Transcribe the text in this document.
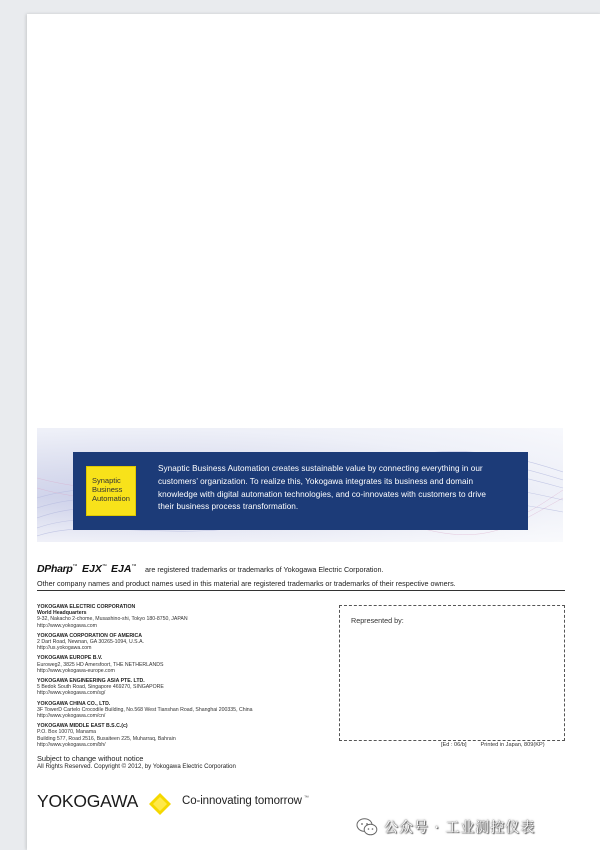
Synaptic
Business
Automation
Synaptic Business Automation creates sustainable value by connecting everything in our
customers’ organization. To realize this, Yokogawa integrates its business and domain
knowledge with digital automation technologies, and co-innovates with customers to drive
their business process transformation.
DPharp™ EJX™ EJA™ are registered trademarks or trademarks of Yokogawa Electric Corporation.
Other company names and product names used in this material are registered trademarks or trademarks of their respective owners.
YOKOGAWA ELECTRIC CORPORATION
World Headquarters
9-32, Nakacho 2-chome, Musashino-shi, Tokyo 180-8750, JAPAN
http://www.yokogawa.com
YOKOGAWA CORPORATION OF AMERICA
2 Dart Road, Newnan, GA 30265-1094, U.S.A.
http://us.yokogawa.com
YOKOGAWA EUROPE B.V.
Euroweg2, 3825 HD Amersfoort, THE NETHERLANDS
http://www.yokogawa-europe.com
YOKOGAWA ENGINEERING ASIA PTE. LTD.
5 Bedok South Road, Singapore 469270, SINGAPORE
http://www.yokogawa.com/sg/
YOKOGAWA CHINA CO., LTD.
3F TowerD Cartelo Crocodile Building, No.568 West Tianshan Road, Shanghai 200335, China
http://www.yokogawa.com/cn/
YOKOGAWA MIDDLE EAST B.S.C.(c)
P.O. Box 10070, Manama
Building 577, Road 2516, Busaiteen 225, Muharraq, Bahrain
http://www.yokogawa.com/bh/
Represented by:
[Ed : 06/b]	Printed in Japan, 809(KP)
Subject to change without notice
All Rights Reserved. Copyright © 2012, by Yokogawa Electric Corporation
YOKOGAWA	Co-innovating tomorrow ™
公众号 · 工业测控仪表
